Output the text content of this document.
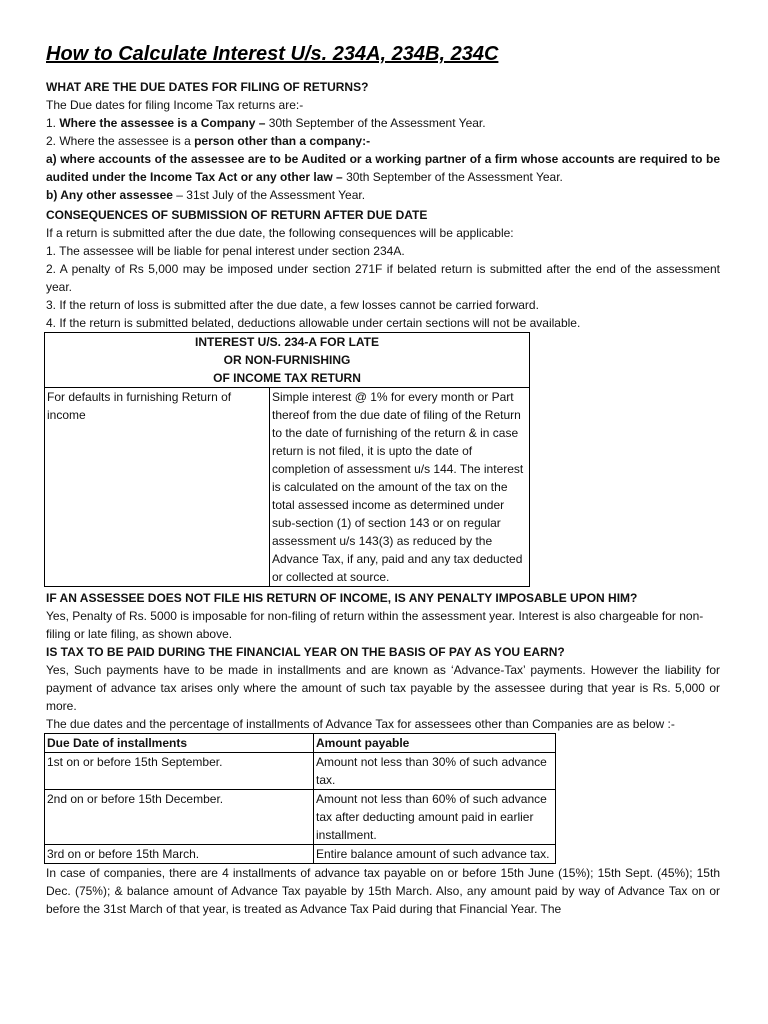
How to Calculate Interest U/s. 234A, 234B, 234C

WHAT ARE THE DUE DATES FOR FILING OF RETURNS?

The Due dates for filing Income Tax returns are:-

1. Where the assessee is a Company – 30th September of the Assessment Year.

2. Where the assessee is a person other than a company:-

a) where accounts of the assessee are to be Audited or a working partner of a firm whose accounts are required to be audited under the Income Tax Act or any other law – 30th September of the Assessment Year.

b) Any other assessee – 31st July of the Assessment Year.

CONSEQUENCES OF SUBMISSION OF RETURN AFTER DUE DATE

If a return is submitted after the due date, the following consequences will be applicable:

1. The assessee will be liable for penal interest under section 234A.

2. A penalty of Rs 5,000 may be imposed under section 271F if belated return is submitted after the end of the assessment year.

3. If the return of loss is submitted after the due date, a few losses cannot be carried forward.

4. If the return is submitted belated, deductions allowable under certain sections will not be available.

INTEREST U/S. 234-A FOR LATE
OR NON-FURNISHING
OF INCOME TAX RETURN

For defaults in furnishing Return of income	Simple interest @ 1% for every month or Part thereof from the due date of filing of the Return to the date of furnishing of the return & in case return is not filed, it is upto the date of completion of assessment u/s 144. The interest is calculated on the amount of the tax on the total assessed income as determined under sub-section (1) of section 143 or on regular assessment u/s 143(3) as reduced by the Advance Tax, if any, paid and any tax deducted or collected at source.

IF AN ASSESSEE DOES NOT FILE HIS RETURN OF INCOME, IS ANY PENALTY IMPOSABLE UPON HIM?

Yes, Penalty of Rs. 5000 is imposable for non-filing of return within the assessment year. Interest is also chargeable for non-filing or late filing, as shown above.

IS TAX TO BE PAID DURING THE FINANCIAL YEAR ON THE BASIS OF PAY AS YOU EARN?

Yes, Such payments have to be made in installments and are known as ‘Advance-Tax’ payments. However the liability for payment of advance tax arises only where the amount of such tax payable by the assessee during that year is Rs. 5,000 or more.

The due dates and the percentage of installments of Advance Tax for assessees other than Companies are as below :-

Due Date of installments	Amount payable
1st on or before 15th September.	Amount not less than 30% of such advance tax.
2nd on or before 15th December.	Amount not less than 60% of such advance tax after deducting amount paid in earlier installment.
3rd on or before 15th March.	Entire balance amount of such advance tax.

In case of companies, there are 4 installments of advance tax payable on or before 15th June (15%); 15th Sept. (45%); 15th Dec. (75%); & balance amount of Advance Tax payable by 15th March. Also, any amount paid by way of Advance Tax on or before the 31st March of that year, is treated as Advance Tax Paid during that Financial Year. The
